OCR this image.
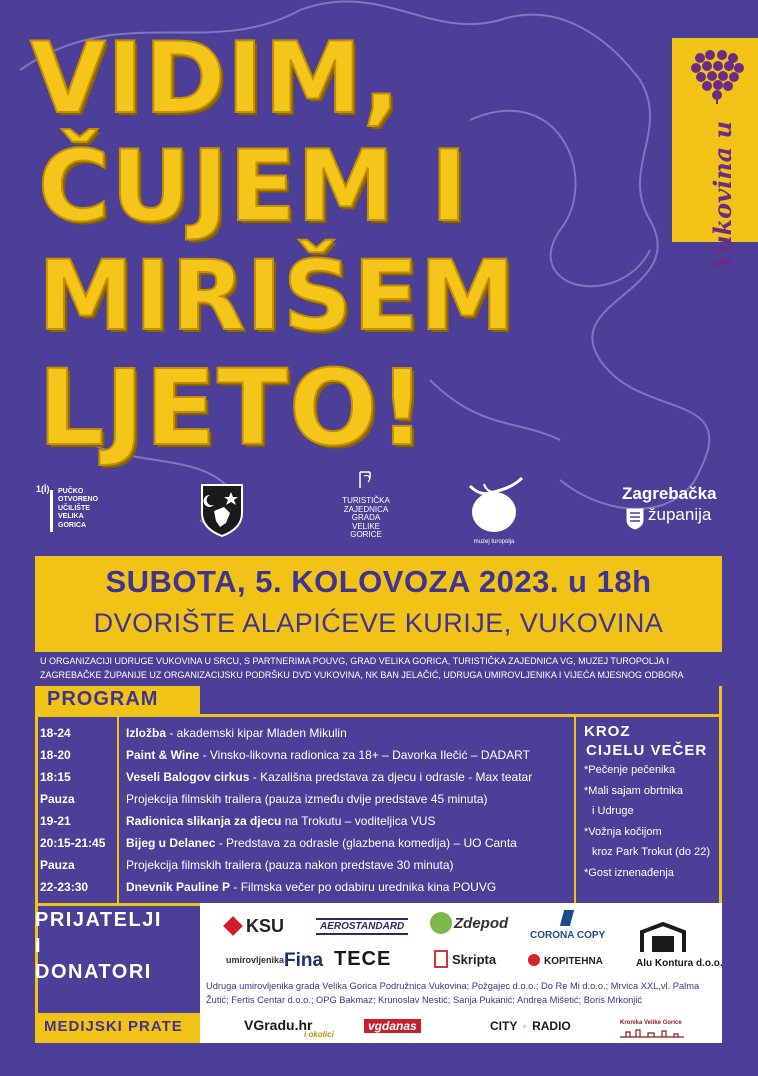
VIDIM,
ČUJEM I
MIRIŠEM
LJETO!
Vukovina u
1(İ) PUČKO
OTVORENO
UČILIŠTE
VELIKA
GORICA
TURISTIČKA
ZAJEDNICA
GRADA
VELIKE
GORICE
muzej turopolja
Zagrebačka
županija
SUBOTA, 5. KOLOVOZA 2023. u 18h
DVORIŠTE ALAPIĆEVE KURIJE, VUKOVINA
U ORGANIZACIJI UDRUGE VUKOVINA U SRCU, S PARTNERIMA POUVG, GRAD VELIKA GORICA, TURISTIČKA ZAJEDNICA VG, MUZEJ TUROPOLJA I ZAGREBAČKE ŽUPANIJE UZ ORGANIZACIJSKU PODRŠKU DVD VUKOVINA, NK BAN JELAČIĆ, UDRUGA UMIROVLJENIKA I VIJEĆA MJESNOG ODBORA
PROGRAM
18-24	Izložba - akademski kipar Mladen Mikulin
18-20	Paint & Wine - Vinsko-likovna radionica za 18+ – Davorka Ilečić – DADART
18:15	Veseli Balogov cirkus - Kazališna predstava za djecu i odrasle - Max teatar
Pauza	Projekcija filmskih trailera (pauza između dvije predstave 45 minuta)
19-21	Radionica slikanja za djecu na Trokutu – voditeljica VUS
20:15-21:45 Bijeg u Delanec - Predstava za odrasle (glazbena komedija) – UO Canta
Pauza	Projekcija filmskih trailera (pauza nakon predstave 30 minuta)
22-23:30	Dnevnik Pauline P - Filmska večer po odabiru urednika kina POUVG
KROZ
CIJELU VEČER
*Pečenje pečenika
*Mali sajam obrtnika
i Udruge
*Vožnja kočijom
kroz Park Trokut (do 22)
*Gost iznenađenja
PRIJATELJI
I
DONATORI
KSU	AEROSTANDARD	Zdepod
CORONA COPY
umirovljenikaFina TECE	Skripta	KOPITEHNA	Alu Kontura d.o.o.
Udruga umirovljenika grada Velika Gorica Podružnica Vukovina; Požgajec d.o.o.; Do Re Mi d.o.o.; Mrvica XXL,vl. Palma Žutić; Fertis Centar d.o.o.; OPG Bakmaz; Krunoslav Nestić; Sanja Pukanić; Andrea Mišetić; Boris Mrkonjić
MEDIJSKI PRATE	VGradu.hr
i okolici
vgdanas	CITY ◦ RADIO	Kronika Velike Gorice
